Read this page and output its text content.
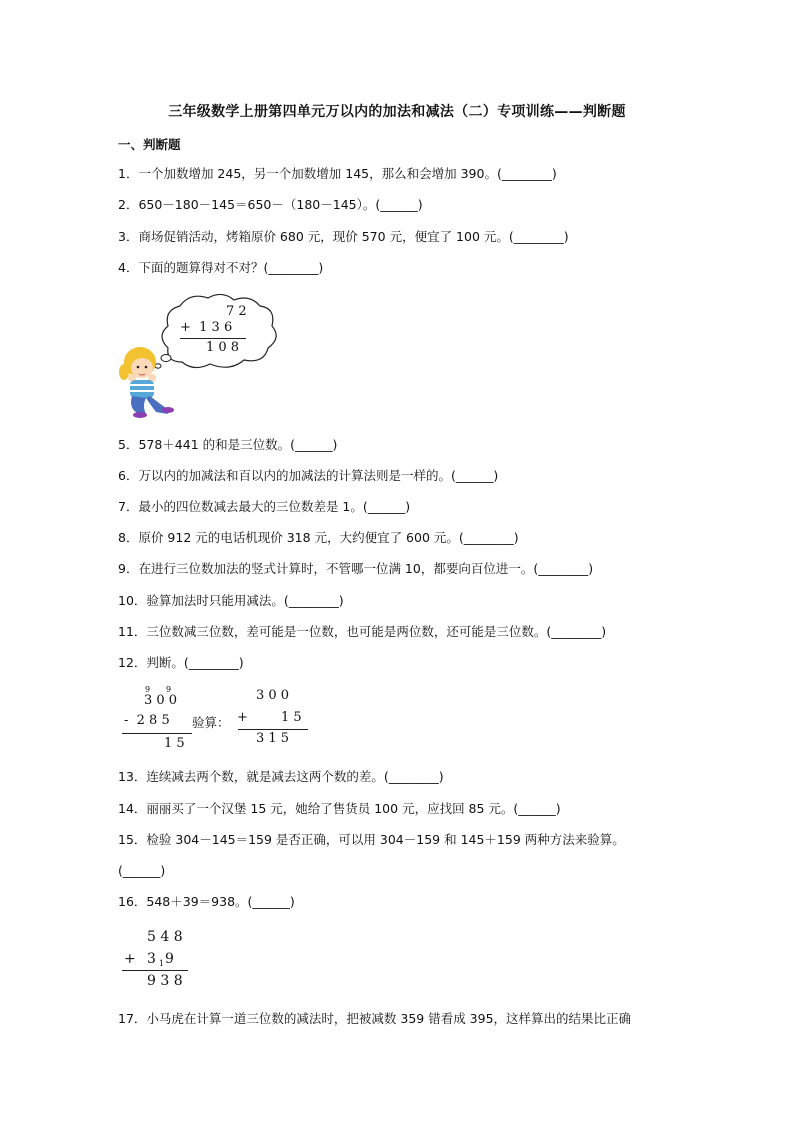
三年级数学上册第四单元万以内的加法和减法（二）专项训练——判断题
一、判断题
1．一个加数增加 245，另一个加数增加 145，那么和会增加 390。(________)
2．650－180－145＝650－（180－145）。(______)
3．商场促销活动，烤箱原价 680 元，现价 570 元，便宜了 100 元。(________)
4．下面的题算得对不对？(________)
7 2
+  1 3 6
1 0 8
5．578＋441 的和是三位数。(______)
6．万以内的加减法和百以内的加减法的计算法则是一样的。(______)
7．最小的四位数减去最大的三位数差是 1。(______)
8．原价 912 元的电话机现价 318 元，大约便宜了 600 元。(________)
9．在进行三位数加法的竖式计算时，不管哪一位满 10，都要向百位进一。(________)
10．验算加法时只能用减法。(________)
11．三位数减三位数，差可能是一位数，也可能是两位数，还可能是三位数。(________)
12．判断。(________)
9 9
3 0 0
-  2 8 5
1 5
验算：
3 0 0
+        1 5
3 1 5
13．连续减去两个数，就是减去这两个数的差。(________)
14．丽丽买了一个汉堡 15 元，她给了售货员 100 元，应找回 85 元。(______)
15．检验 304－145＝159 是否正确，可以用 304－159 和 145＋159 两种方法来验算。
(______)
16．548＋39＝938。(______)
5 4 8
+ 3 1 9
9 3 8
17．小马虎在计算一道三位数的减法时，把被减数 359 错看成 395，这样算出的结果比正确
